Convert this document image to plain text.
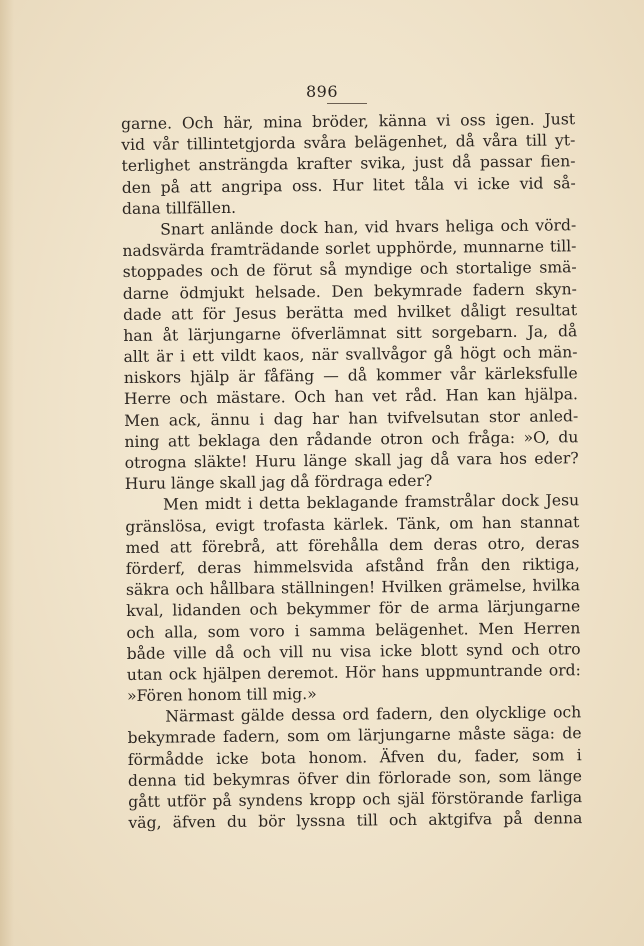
896
garne. Och här, mina bröder, känna vi oss igen. Just
vid vår tillintetgjorda svåra belägenhet, då våra till yt-
terlighet ansträngda krafter svika, just då passar fien-
den på att angripa oss. Hur litet tåla vi icke vid så-
dana tillfällen.
Snart anlände dock han, vid hvars heliga och vörd-
nadsvärda framträdande sorlet upphörde, munnarne till-
stoppades och de förut så myndige och stortalige smä-
darne ödmjukt helsade. Den bekymrade fadern skyn-
dade att för Jesus berätta med hvilket dåligt resultat
han åt lärjungarne öfverlämnat sitt sorgebarn. Ja, då
allt är i ett vildt kaos, när svallvågor gå högt och män-
niskors hjälp är fåfäng — då kommer vår kärleksfulle
Herre och mästare. Och han vet råd. Han kan hjälpa.
Men ack, ännu i dag har han tvifvelsutan stor anled-
ning att beklaga den rådande otron och fråga: »O, du
otrogna släkte! Huru länge skall jag då vara hos eder?
Huru länge skall jag då fördraga eder?
Men midt i detta beklagande framstrålar dock Jesu
gränslösa, evigt trofasta kärlek. Tänk, om han stannat
med att förebrå, att förehålla dem deras otro, deras
förderf, deras himmelsvida afstånd från den riktiga,
säkra och hållbara ställningen! Hvilken grämelse, hvilka
kval, lidanden och bekymmer för de arma lärjungarne
och alla, som voro i samma belägenhet. Men Herren
både ville då och vill nu visa icke blott synd och otro
utan ock hjälpen deremot. Hör hans uppmuntrande ord:
»Fören honom till mig.»
Närmast gälde dessa ord fadern, den olycklige och
bekymrade fadern, som om lärjungarne måste säga: de
förmådde icke bota honom. Äfven du, fader, som i
denna tid bekymras öfver din förlorade son, som länge
gått utför på syndens kropp och själ förstörande farliga
väg, äfven du bör lyssna till och aktgifva på denna
